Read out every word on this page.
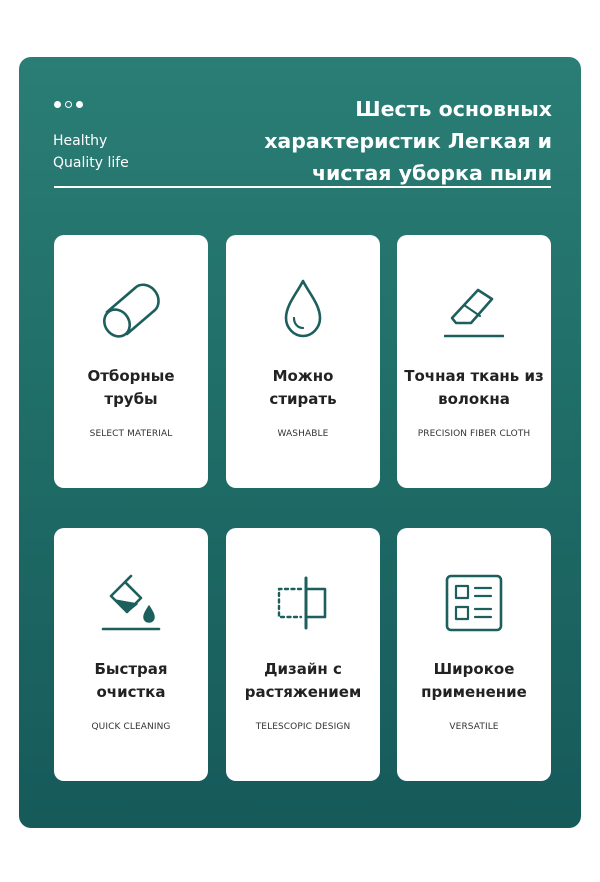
Healthy
Quality life
Шесть основных
характеристик Легкая и
чистая уборка пыли
Отборные
трубы
SELECT MATERIAL
Можно
стирать
WASHABLE
Точная ткань из
волокна
PRECISION FIBER CLOTH
Быстрая
очистка
QUICK CLEANING
Дизайн с
растяжением
TELESCOPIC DESIGN
Широкое
применение
VERSATILE
